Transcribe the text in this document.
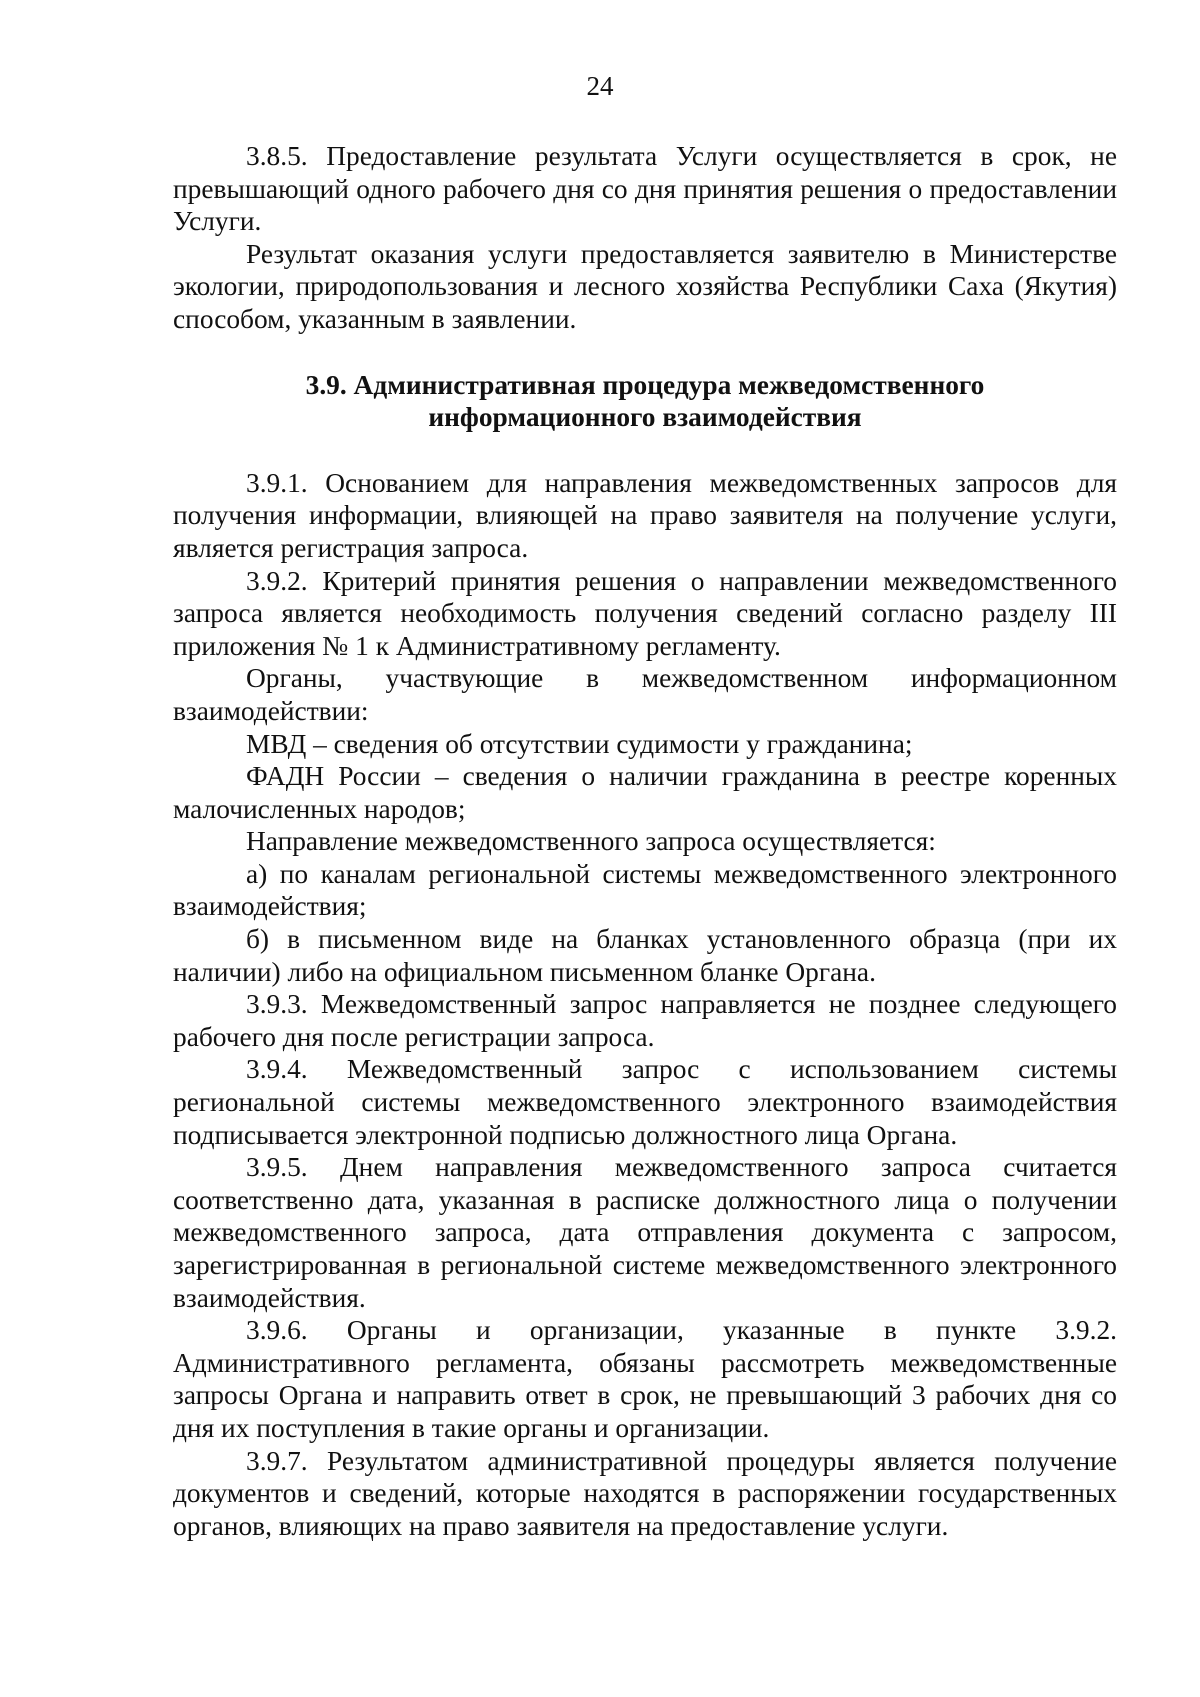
24

3.8.5. Предоставление результата Услуги осуществляется в срок, не превышающий одного рабочего дня со дня принятия решения о предоставлении Услуги.

Результат оказания услуги предоставляется заявителю в Министерстве экологии, природопользования и лесного хозяйства Республики Саха (Якутия) способом, указанным в заявлении.

3.9. Административная процедура межведомственного
информационного взаимодействия

3.9.1. Основанием для направления межведомственных запросов для получения информации, влияющей на право заявителя на получение услуги, является регистрация запроса.

3.9.2. Критерий принятия решения о направлении межведомственного запроса является необходимость получения сведений согласно разделу III приложения № 1 к Административному регламенту.

Органы, участвующие в межведомственном информационном взаимодействии:

МВД – сведения об отсутствии судимости у гражданина;

ФАДН России – сведения о наличии гражданина в реестре коренных малочисленных народов;

Направление межведомственного запроса осуществляется:

а) по каналам региональной системы межведомственного электронного взаимодействия;

б) в письменном виде на бланках установленного образца (при их наличии) либо на официальном письменном бланке Органа.

3.9.3. Межведомственный запрос направляется не позднее следующего рабочего дня после регистрации запроса.

3.9.4. Межведомственный запрос с использованием системы региональной системы межведомственного электронного взаимодействия подписывается электронной подписью должностного лица Органа.

3.9.5. Днем направления межведомственного запроса считается соответственно дата, указанная в расписке должностного лица о получении межведомственного запроса, дата отправления документа с запросом, зарегистрированная в региональной системе межведомственного электронного взаимодействия.

3.9.6. Органы и организации, указанные в пункте 3.9.2. Административного регламента, обязаны рассмотреть межведомственные запросы Органа и направить ответ в срок, не превышающий 3 рабочих дня со дня их поступления в такие органы и организации.

3.9.7. Результатом административной процедуры является получение документов и сведений, которые находятся в распоряжении государственных органов, влияющих на право заявителя на предоставление услуги.
